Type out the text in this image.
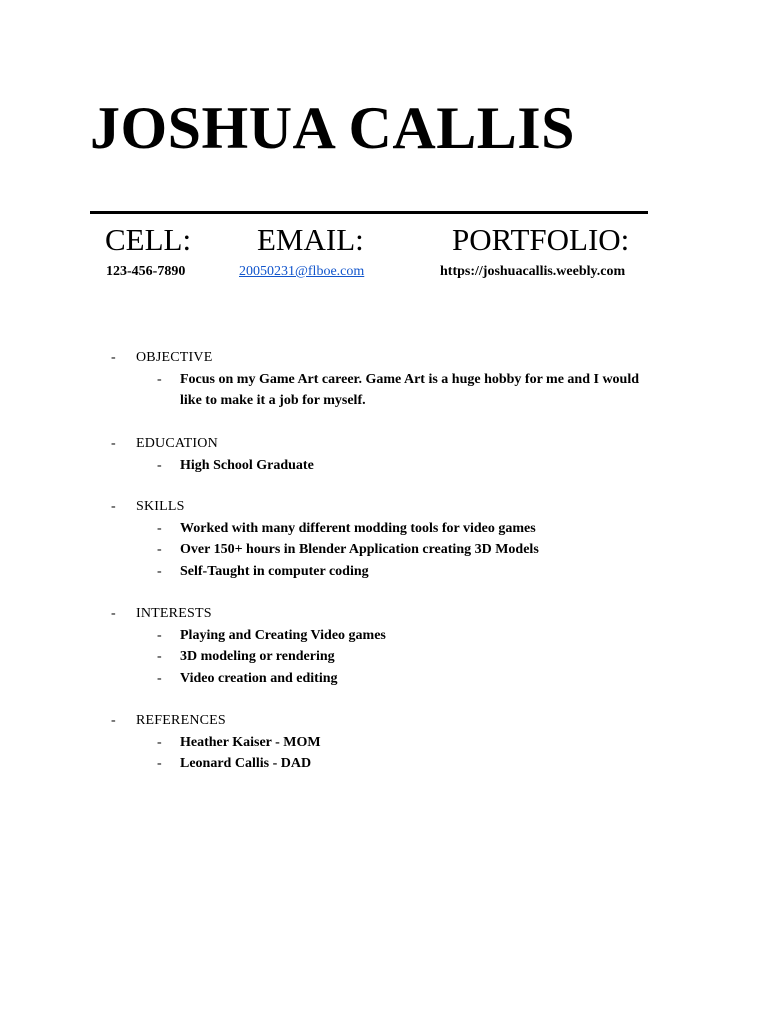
JOSHUA CALLIS
CELL: EMAIL:	PORTFOLIO:
123-456-7890	20050231@flboe.com	https://joshuacallis.weebly.com
- OBJECTIVE
- Focus on my Game Art career. Game Art is a huge hobby for me and I would like to make it a job for myself.
- EDUCATION
- High School Graduate
- SKILLS
- Worked with many different modding tools for video games
- Over 150+ hours in Blender Application creating 3D Models
- Self-Taught in computer coding
- INTERESTS
- Playing and Creating Video games
- 3D modeling or rendering
- Video creation and editing
- REFERENCES
- Heather Kaiser - MOM
- Leonard Callis - DAD
